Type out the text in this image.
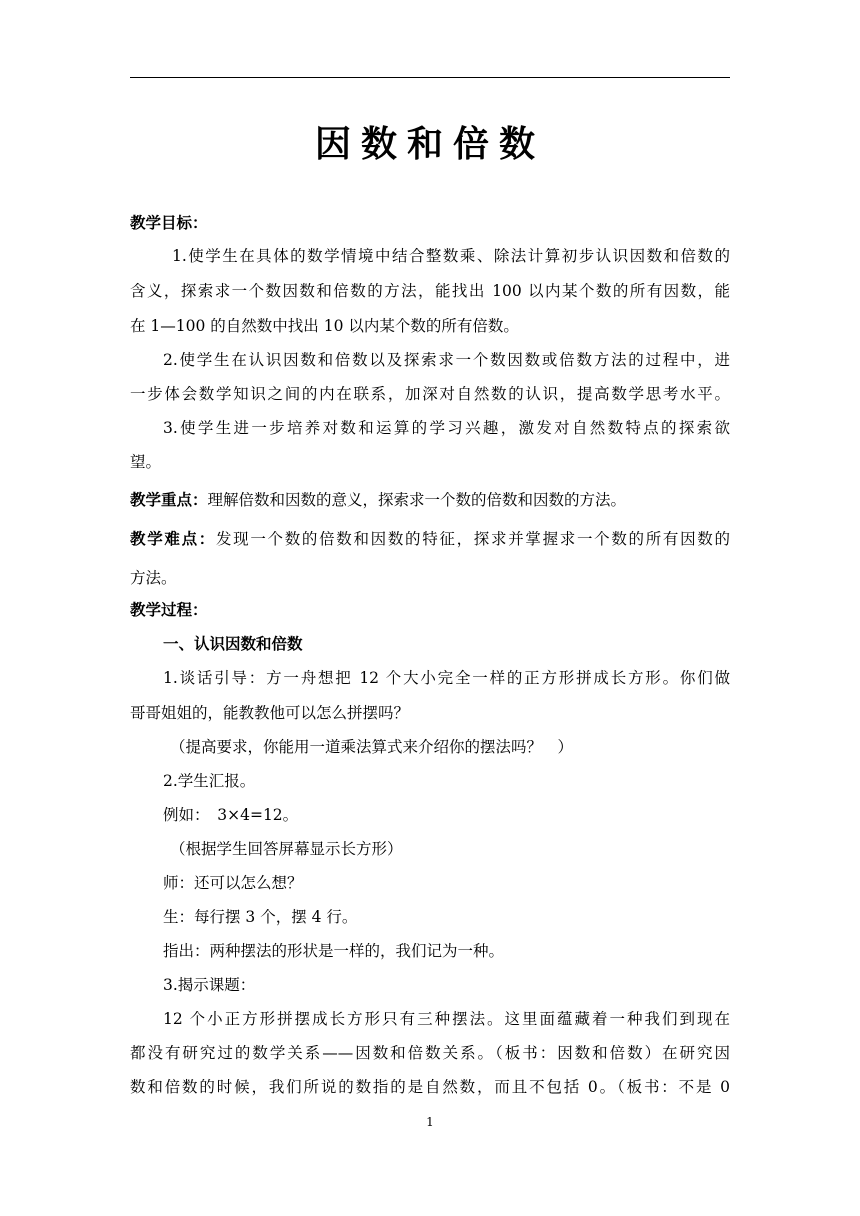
因数和倍数
教学目标：
1.使学生在具体的数学情境中结合整数乘、除法计算初步认识因数和倍数的
含义，探索求一个数因数和倍数的方法，能找出 100 以内某个数的所有因数，能
在 1—100 的自然数中找出 10 以内某个数的所有倍数。
2.使学生在认识因数和倍数以及探索求一个数因数或倍数方法的过程中，进
一步体会数学知识之间的内在联系，加深对自然数的认识，提高数学思考水平。
3.使学生进一步培养对数和运算的学习兴趣，激发对自然数特点的探索欲
望。
教学重点：理解倍数和因数的意义，探索求一个数的倍数和因数的方法。
教学难点：发现一个数的倍数和因数的特征，探求并掌握求一个数的所有因数的
方法。
教学过程：
一、认识因数和倍数
1.谈话引导：方一舟想把 12 个大小完全一样的正方形拼成长方形。你们做
哥哥姐姐的，能教教他可以怎么拼摆吗？
（提高要求，你能用一道乘法算式来介绍你的摆法吗？　）
2.学生汇报。
例如：　3×4=12。
（根据学生回答屏幕显示长方形）
师：还可以怎么想？
生：每行摆 3 个，摆 4 行。
指出：两种摆法的形状是一样的，我们记为一种。
3.揭示课题：
12 个小正方形拼摆成长方形只有三种摆法。这里面蕴藏着一种我们到现在
都没有研究过的数学关系——因数和倍数关系。（板书：因数和倍数）在研究因
数和倍数的时候，我们所说的数指的是自然数，而且不包括 0。（板书：不是 0
1
